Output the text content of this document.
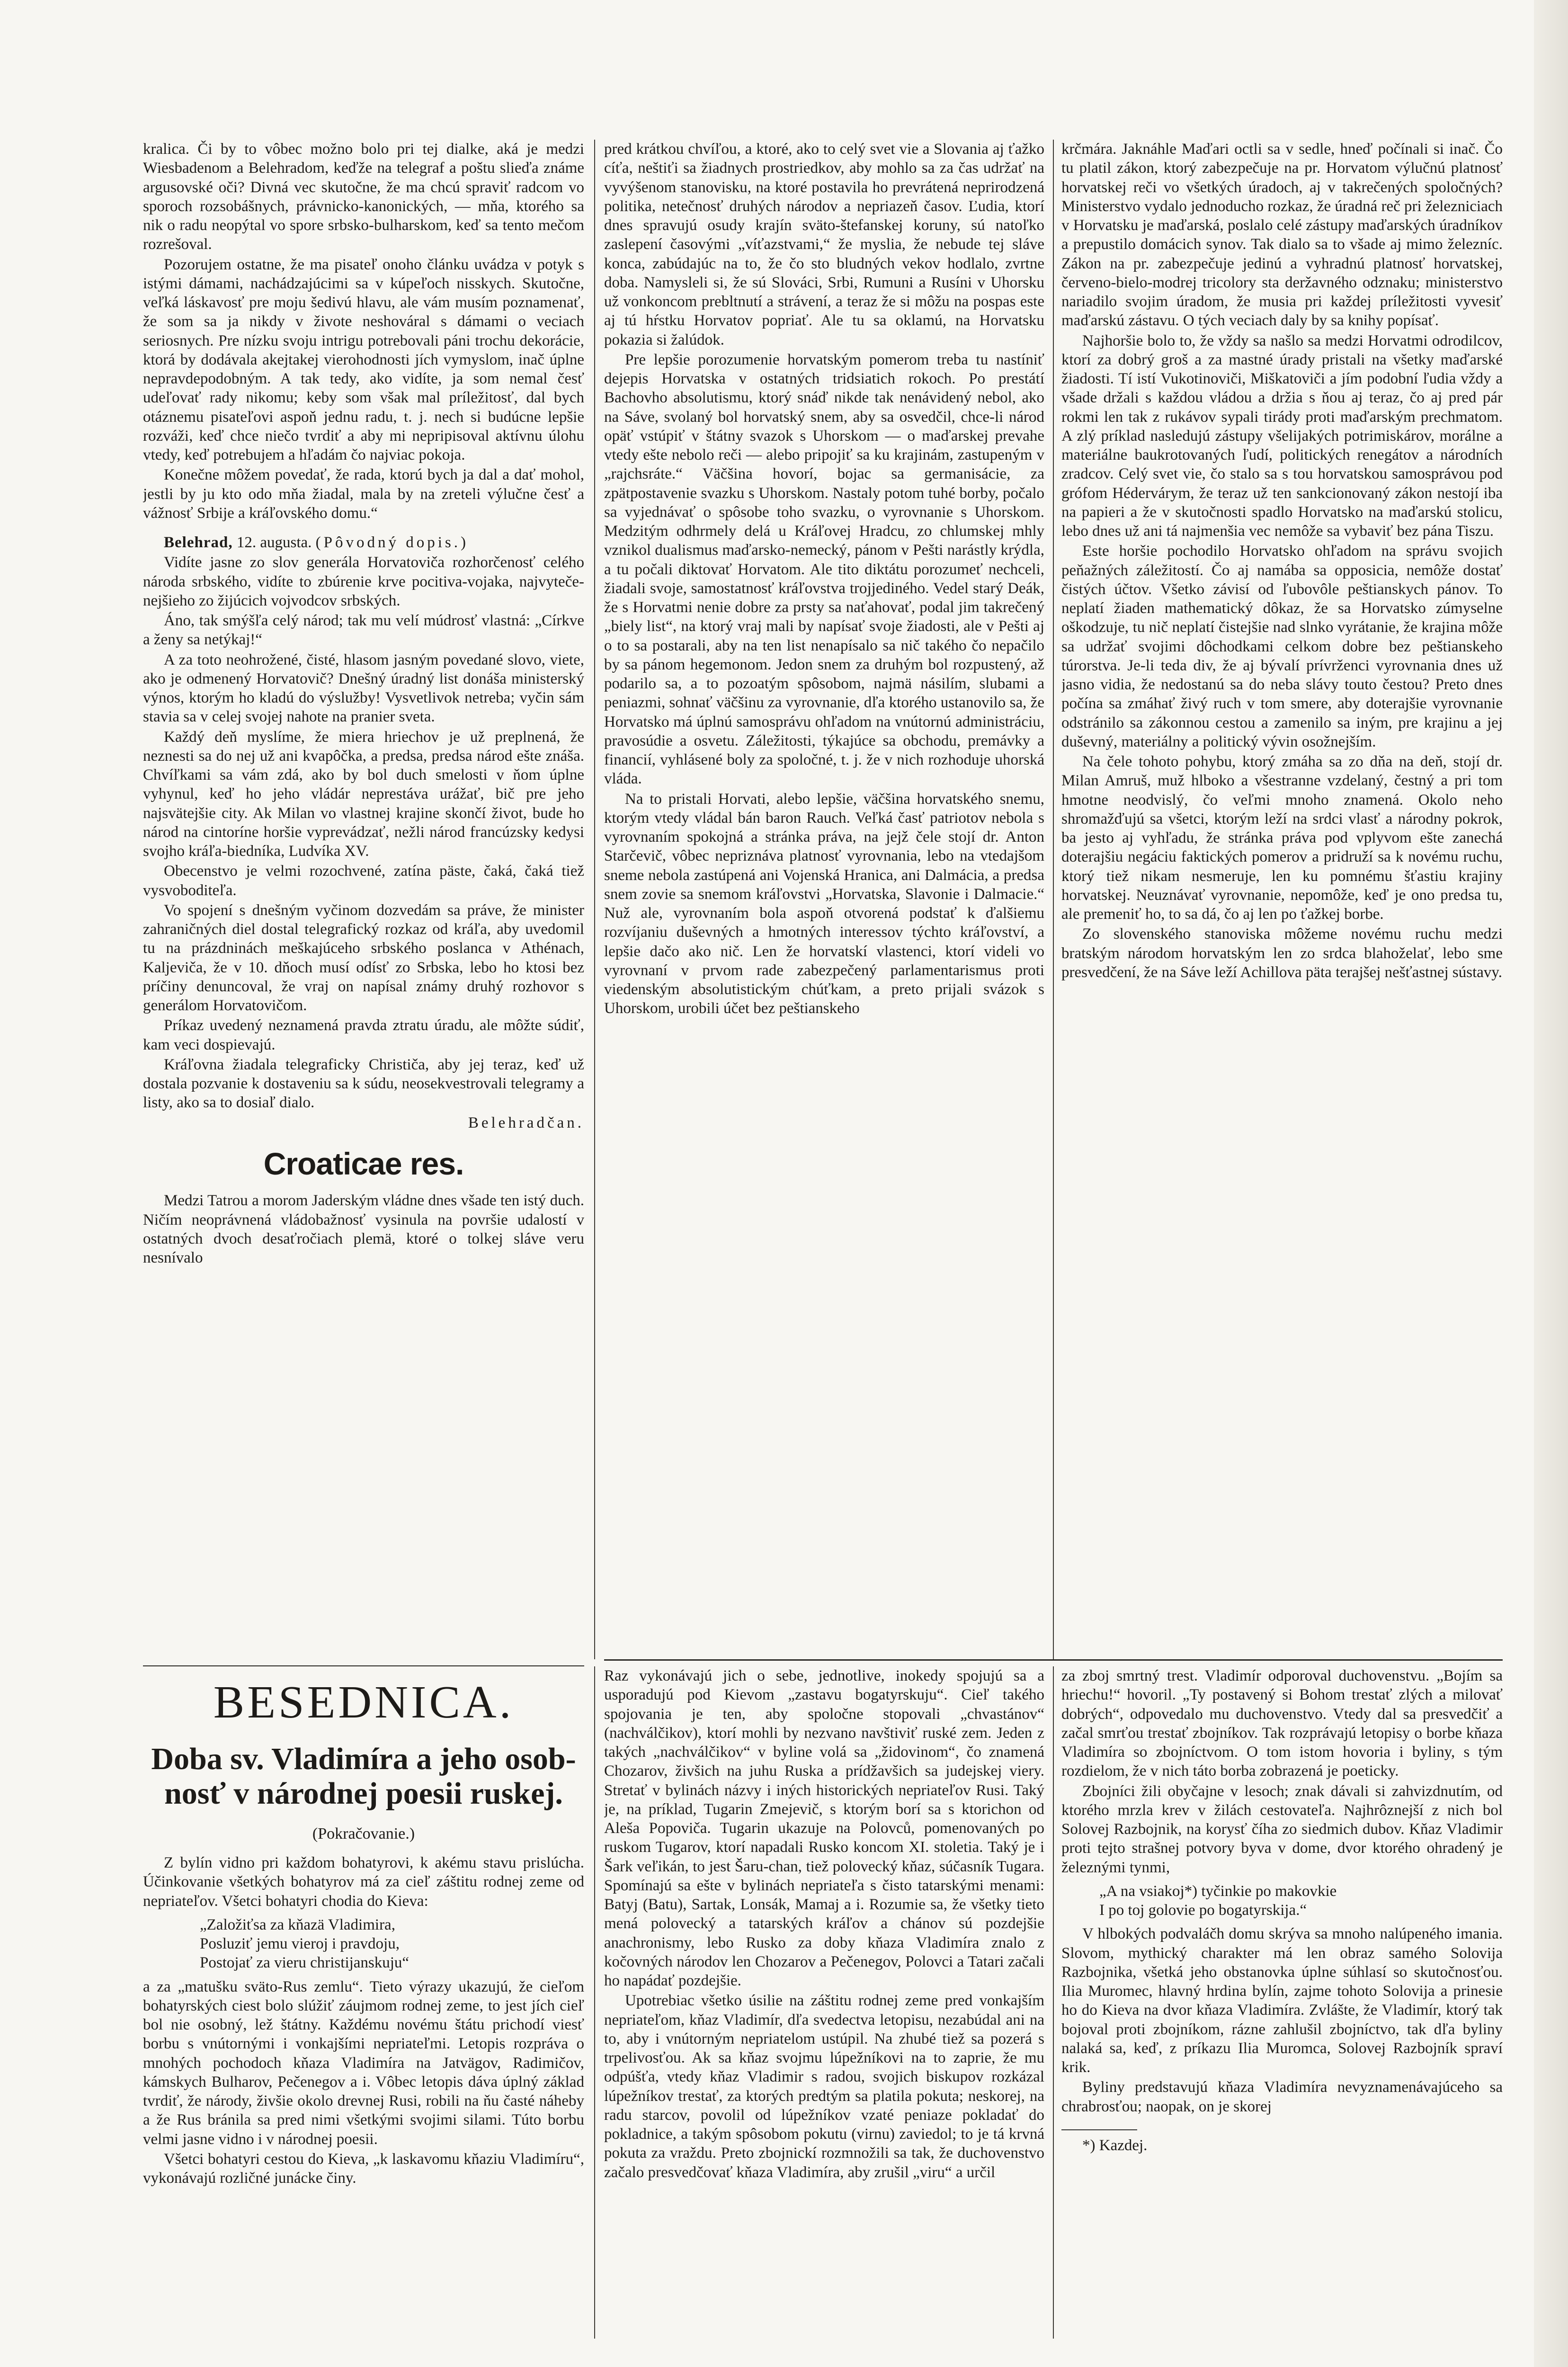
kralica. Či by to vôbec možno bolo pri tej dialke, aká je medzi Wiesbadenom a Belehradom, keďže na telegraf a poštu slieďa známe argusovské oči? Divná vec skutočne, že ma chcú spraviť radcom vo sporoch rozsobášnych, právnicko-kanonických, — mňa, ktorého sa nik o radu neopýtal vo spore srbsko-bulharskom, keď sa tento mečom rozrešoval.

Pozorujem ostatne, že ma pisateľ onoho článku uvádza v potyk s istými dámami, nachádzajúcimi sa v kúpeľoch nisskych. Skutočne, veľká láskavosť pre moju šedivú hlavu, ale vám musím poznamenať, že som sa ja nikdy v živote neshováral s dámami o veciach seriosnych. Pre nízku svoju intrigu potrebovali páni trochu dekorácie, ktorá by dodávala akejtakej vierohodnosti jích vymyslom, inač úplne nepravdepodobným. A tak tedy, ako vidíte, ja som nemal česť udeľovať rady nikomu; keby som však mal príležitosť, dal bych otáznemu pisateľovi aspoň jednu radu, t. j. nech si budúcne lepšie rozváži, keď chce niečo tvrdiť a aby mi nepripisoval aktívnu úlohu vtedy, keď potrebujem a hľadám čo najviac pokoja.

Konečne môžem povedať, že rada, ktorú bych ja dal a dať mohol, jestli by ju kto odo mňa žiadal, mala by na zreteli výlučne česť a vážnosť Srbije a kráľovského domu.“

Belehrad, 12. augusta. (Pôvodný dopis.)

Vidíte jasne zo slov generála Horvatoviča rozhorčenosť celého národa srbského, vidíte to zbúrenie krve pocitiva-vojaka, najvytečenejšieho zo žijúcich vojvodcov srbských.

Áno, tak smýšľa celý národ; tak mu velí múdrosť vlastná: „Církve a ženy sa netýkaj!“

A za toto neohrožené, čisté, hlasom jasným povedané slovo, viete, ako je odmenený Horvatovič? Dnešný úradný list donáša ministerský výnos, ktorým ho kladú do výslužby! Vysvetlivok netreba; vyčin sám stavia sa v celej svojej nahote na pranier sveta.

Každý deň myslíme, že miera hriechov je už preplnená, že neznesti sa do nej už ani kvapôčka, a predsa, predsa národ ešte znáša. Chvíľkami sa vám zdá, ako by bol duch smelosti v ňom úplne vyhynul, keď ho jeho vládár neprestáva urážať, bič pre jeho najsvätejšie city. Ak Milan vo vlastnej krajine skončí život, bude ho národ na cintoríne horšie vyprevádzať, nežli národ francúzsky kedysi svojho kráľa-biedníka, Ludvíka XV.

Obecenstvo je velmi rozochvené, zatína päste, čaká, čaká tiež vysvoboditeľa.

Vo spojení s dnešným vyčinom dozvedám sa práve, že minister zahraničných diel dostal telegrafický rozkaz od kráľa, aby uvedomil tu na prázdninách meškajúceho srbského poslanca v Athénach, Kaljeviča, že v 10. dňoch musí odísť zo Srbska, lebo ho ktosi bez príčiny denuncoval, že vraj on napísal známy druhý rozhovor s generálom Horvatovičom.

Príkaz uvedený neznamená pravda ztratu úradu, ale môžte súdiť, kam veci dospievajú.

Kráľovna žiadala telegraficky Christiča, aby jej teraz, keď už dostala pozvanie k dostaveniu sa k súdu, neosekvestrovali telegramy a listy, ako sa to dosiaľ dialo.

Belehradčan.

Croaticae res.

Medzi Tatrou a morom Jaderským vládne dnes všade ten istý duch. Ničím neoprávnená vládobažnosť vysinula na površie udalostí v ostatných dvoch desaťročiach plemä, ktoré o tolkej sláve veru nesnívalo

pred krátkou chvíľou, a ktoré, ako to celý svet vie a Slovania aj ťažko cíťa, neštiťi sa žiadnych prostriedkov, aby mohlo sa za čas udržať na vyvýšenom stanovisku, na ktoré postavila ho prevrátená neprirodzená politika, netečnosť druhých národov a nepriazeň časov. Ľudia, ktorí dnes spravujú osudy krajín sväto-štefanskej koruny, sú natoľko zaslepení časovými „víťazstvami,“ že myslia, že nebude tej sláve konca, zabúdajúc na to, že čo sto bludných vekov hodlalo, zvrtne doba. Namysleli si, že sú Slováci, Srbi, Rumuni a Rusíni v Uhorsku už vonkoncom prebltnutí a strávení, a teraz že si môžu na pospas este aj tú hŕstku Horvatov popriať. Ale tu sa oklamú, na Horvatsku pokazia si žalúdok.

Pre lepšie porozumenie horvatským pomerom treba tu nastíniť dejepis Horvatska v ostatných tridsiatich rokoch. Po prestátí Bachovho absolutismu, ktorý snáď nikde tak nenávidený nebol, ako na Sáve, svolaný bol horvatský snem, aby sa osvedčil, chce-li národ opäť vstúpiť v štátny svazok s Uhorskom — o maďarskej prevahe vtedy ešte nebolo reči — alebo pripojiť sa ku krajinám, zastupeným v „rajchsráte.“ Väčšina hovorí, bojac sa germanisácie, za zpätpostavenie svazku s Uhorskom. Nastaly potom tuhé borby, počalo sa vyjednávať o spôsobe toho svazku, o vyrovnanie s Uhorskom. Medzitým odhrmely delá u Kráľovej Hradcu, zo chlumskej mhly vznikol dualismus maďarsko-nemecký, pánom v Pešti narástly krýdla, a tu počali diktovať Horvatom. Ale tito diktátu porozumeť nechceli, žiadali svoje, samostatnosť kráľovstva trojjediného. Vedel starý Deák, že s Horvatmi nenie dobre za prsty sa naťahovať, podal jim takrečený „biely list“, na ktorý vraj mali by napísať svoje žiadosti, ale v Pešti aj o to sa postarali, aby na ten list nenapísalo sa nič takého čo nepačilo by sa pánom hegemonom. Jedon snem za druhým bol rozpustený, až podarilo sa, a to pozoatým spôsobom, najmä násilím, slubami a peniazmi, sohnať väčšinu za vyrovnanie, dľa ktorého ustanovilo sa, že Horvatsko má úplnú samosprávu ohľadom na vnútornú administráciu, pravosúdie a osvetu. Záležitosti, týkajúce sa obchodu, premávky a financií, vyhlásené boly za spoločné, t. j. že v nich rozhoduje uhorská vláda.

Na to pristali Horvati, alebo lepšie, väčšina horvatského snemu, ktorým vtedy vládal bán baron Rauch. Veľká časť patriotov nebola s vyrovnaním spokojná a stránka práva, na jejž čele stojí dr. Anton Starčevič, vôbec nepriznáva platnosť vyrovnania, lebo na vtedajšom sneme nebola zastúpená ani Vojenská Hranica, ani Dalmácia, a predsa snem zovie sa snemom kráľovstvi „Horvatska, Slavonie i Dalmacie.“ Nuž ale, vyrovnaním bola aspoň otvorená podstať k ďalšiemu rozvíjaniu duševných a hmotných interessov týchto kráľovství, a lepšie dačo ako nič. Len že horvatskí vlastenci, ktorí videli vo vyrovnaní v prvom rade zabezpečený parlamentarismus proti viedenským absolutistickým chúťkam, a preto prijali svázok s Uhorskom, urobili účet bez peštianskeho

krčmára. Jaknáhle Maďari octli sa v sedle, hneď počínali si inač. Čo tu platil zákon, ktorý zabezpečuje na pr. Horvatom výlučnú platnosť horvatskej reči vo všetkých úradoch, aj v takrečených spoločných? Ministerstvo vydalo jednoducho rozkaz, že úradná reč pri železniciach v Horvatsku je maďarská, poslalo celé zástupy maďarských úradníkov a prepustilo domácich synov. Tak dialo sa to všade aj mimo železníc. Zákon na pr. zabezpečuje jedinú a vyhradnú platnosť horvatskej, červeno-bielo-modrej tricolory sta deržavného odznaku; ministerstvo nariadilo svojim úradom, že musia pri každej príležitosti vyvesiť maďarskú zástavu. O tých veciach daly by sa knihy popísať.

Najhoršie bolo to, že vždy sa našlo sa medzi Horvatmi odrodilcov, ktorí za dobrý groš a za mastné úrady pristali na všetky maďarské žiadosti. Tí istí Vukotinoviči, Miškatoviči a jím podobní ľudia vždy a všade držali s každou vládou a držia s ňou aj teraz, čo aj pred pár rokmi len tak z rukávov sypali tirády proti maďarským prechmatom. A zlý príklad nasledujú zástupy všelijakých potrimiskárov, morálne a materiálne baukrotovaných ľudí, politických renegátov a národních zradcov. Celý svet vie, čo stalo sa s tou horvatskou samosprávou pod grófom Hédervárym, že teraz už ten sankcionovaný zákon nestojí iba na papieri a že v skutočnosti spadlo Horvatsko na maďarskú stolicu, lebo dnes už ani tá najmenšia vec nemôže sa vybaviť bez pána Tiszu.

Este horšie pochodilo Horvatsko ohľadom na správu svojich peňažných záležitostí. Čo aj namába sa opposicia, nemôže dostať čistých účtov. Všetko závisí od ľubovôle peštianskych pánov. To neplatí žiaden mathematický dôkaz, že sa Horvatsko zúmyselne oškodzuje, tu nič neplatí čistejšie nad slnko vyrátanie, že krajina môže sa udržať svojimi dôchodkami celkom dobre bez peštianskeho túrorstva. Je-li teda div, že aj bývalí prívrženci vyrovnania dnes už jasno vidia, že nedostanú sa do neba slávy touto čestou? Preto dnes počína sa zmáhať živý ruch v tom smere, aby doterajšie vyrovnanie odstránilo sa zákonnou cestou a zamenilo sa iným, pre krajinu a jej duševný, materiálny a politický vývin osožnejším.

Na čele tohoto pohybu, ktorý zmáha sa zo dňa na deň, stojí dr. Milan Amruš, muž hlboko a všestranne vzdelaný, čestný a pri tom hmotne neodvislý, čo veľmi mnoho znamená. Okolo neho shromažďujú sa všetci, ktorým leží na srdci vlasť a národny pokrok, ba jesto aj vyhľadu, že stránka práva pod vplyvom ešte zanechá doterajšiu negáciu faktických pomerov a pridruží sa k novému ruchu, ktorý tiež nikam nesmeruje, len ku pomnému šťastiu krajiny horvatskej. Neuznávať vyrovnanie, nepomôže, keď je ono predsa tu, ale premeniť ho, to sa dá, čo aj len po ťažkej borbe.

Zo slovenského stanoviska môžeme novému ruchu medzi bratským národom horvatským len zo srdca blahoželať, lebo sme presvedčení, že na Sáve leží Achillova päta terajšej nešťastnej sústavy.

BESEDNICA.
Doba sv. Vladimíra a jeho osob-
nosť v národnej poesii ruskej.
(Pokračovanie.)

Z bylín vidno pri každom bohatyrovi, k akému stavu prislúcha. Účinkovanie všetkých bohatyrov má za cieľ záštitu rodnej zeme od nepriateľov. Všetci bohatyri chodia do Kieva:

„Založiťsa za kňazä Vladimira,
Posluziť jemu vieroj i pravdoju,
Postojať za vieru christijanskuju“

a za „matušku sväto-Rus zemlu“. Tieto výrazy ukazujú, že cieľom bohatyrských ciest bolo slúžiť záujmom rodnej zeme, to jest jích cieľ bol nie osobný, lež štátny. Každému novému štátu prichodí viesť borbu s vnútornými i vonkajšími nepriateľmi. Letopis rozpráva o mnohých pochodoch kňaza Vladimíra na Jatvägov, Radimičov, kámskych Bulharov, Pečenegov a i. Vôbec letopis dáva úplný základ tvrdiť, že národy, živšie okolo drevnej Rusi, robili na ňu časté náheby a že Rus bránila sa pred nimi všetkými svojimi silami. Túto borbu velmi jasne vidno i v národnej poesii.

Všetci bohatyri cestou do Kieva, „k laskavomu kňaziu Vladimíru“, vykonávajú rozličné junácke činy.

Raz vykonávajú jich o sebe, jednotlive, inokedy spojujú sa a usporadujú pod Kievom „zastavu bogatyrskuju“. Cieľ takého spojovania je ten, aby spoločne stopovali „chvastánov“ (nachválčikov), ktorí mohli by nezvano navštiviť ruské zem. Jeden z takých „nachválčikov“ v byline volá sa „židovinom“, čo znamená Chozarov, živšich na juhu Ruska a prídžavšich sa judejskej viery. Stretať v bylinách názvy i iných historických nepriateľov Rusi. Taký je, na príklad, Tugarin Zmejevič, s ktorým borí sa s ktorichon od Aleša Popoviča. Tugarin ukazuje na Polovců, pomenovaných po ruskom Tugarov, ktorí napadali Rusko koncom XI. stoletia. Taký je i Šark veľikán, to jest Šaru-chan, tiež polovecký kňaz, súčasník Tugara. Spomínajú sa ešte v bylinách nepriateľa s čisto tatarskými menami: Batyj (Batu), Sartak, Lonsák, Mamaj a i. Rozumie sa, že všetky tieto mená polovecký a tatarských kráľov a chánov sú pozdejšie anachronismy, lebo Rusko za doby kňaza Vladimíra znalo z kočovných národov len Chozarov a Pečenegov, Polovci a Tatari začali ho napádať pozdejšie.

Upotrebiac všetko úsilie na záštitu rodnej zeme pred vonkajším nepriateľom, kňaz Vladimír, dľa svedectva letopisu, nezabúdal ani na to, aby i vnútorným nepriatelom ustúpil. Na zhubé tiež sa pozerá s trpelivosťou. Ak sa kňaz svojmu lúpežníkovi na to zaprie, že mu odpúšťa, vtedy kňaz Vladimir s radou, svojich biskupov rozkázal lúpežníkov trestať, za ktorých predtým sa platila pokuta; neskorej, na radu starcov, povolil od lúpežníkov vzaté peniaze pokladať do pokladnice, a takým spôsobom pokutu (virnu) zaviedol; to je tá krvná pokuta za vraždu. Preto zbojnickí rozmnožili sa tak, že duchovenstvo začalo presvedčovať kňaza Vladimíra, aby zrušil „viru“ a určil

za zboj smrtný trest. Vladimír odporoval duchovenstvu. „Bojím sa hriechu!“ hovoril. „Ty postavený si Bohom trestať zlých a milovať dobrých“, odpovedalo mu duchovenstvo. Vtedy dal sa presvedčiť a začal smrťou trestať zbojníkov. Tak rozprávajú letopisy o borbe kňaza Vladimíra so zbojníctvom. O tom istom hovoria i byliny, s tým rozdielom, že v nich táto borba zobrazená je poeticky.

Zbojníci žili obyčajne v lesoch; znak dávali si zahvizdnutím, od ktorého mrzla krev v žilách cestovateľa. Najhrôznejší z nich bol Solovej Razbojnik, na korysť číha zo siedmich dubov. Kňaz Vladimir proti tejto strašnej potvory byva v dome, dvor ktorého ohradený je železnými tynmi,

„A na vsiakoj*) tyčinkie po makovkie
I po toj golovie po bogatyrskija.“

V hlbokých podvaláčh domu skrýva sa mnoho nalúpeného imania. Slovom, mythický charakter má len obraz samého Solovija Razbojnika, všetká jeho obstanovka úplne súhlasí so skutočnosťou. Ilia Muromec, hlavný hrdina bylín, zajme tohoto Solovija a prinesie ho do Kieva na dvor kňaza Vladimíra. Zvlášte, že Vladimír, ktorý tak bojoval proti zbojníkom, rázne zahlušil zbojníctvo, tak dľa byliny nalaká sa, keď, z príkazu Ilia Muromca, Solovej Razbojník spraví krik.

Byliny predstavujú kňaza Vladimíra nevyznamenávajúceho sa chrabrosťou; naopak, on je skorej

*) Kazdej.
